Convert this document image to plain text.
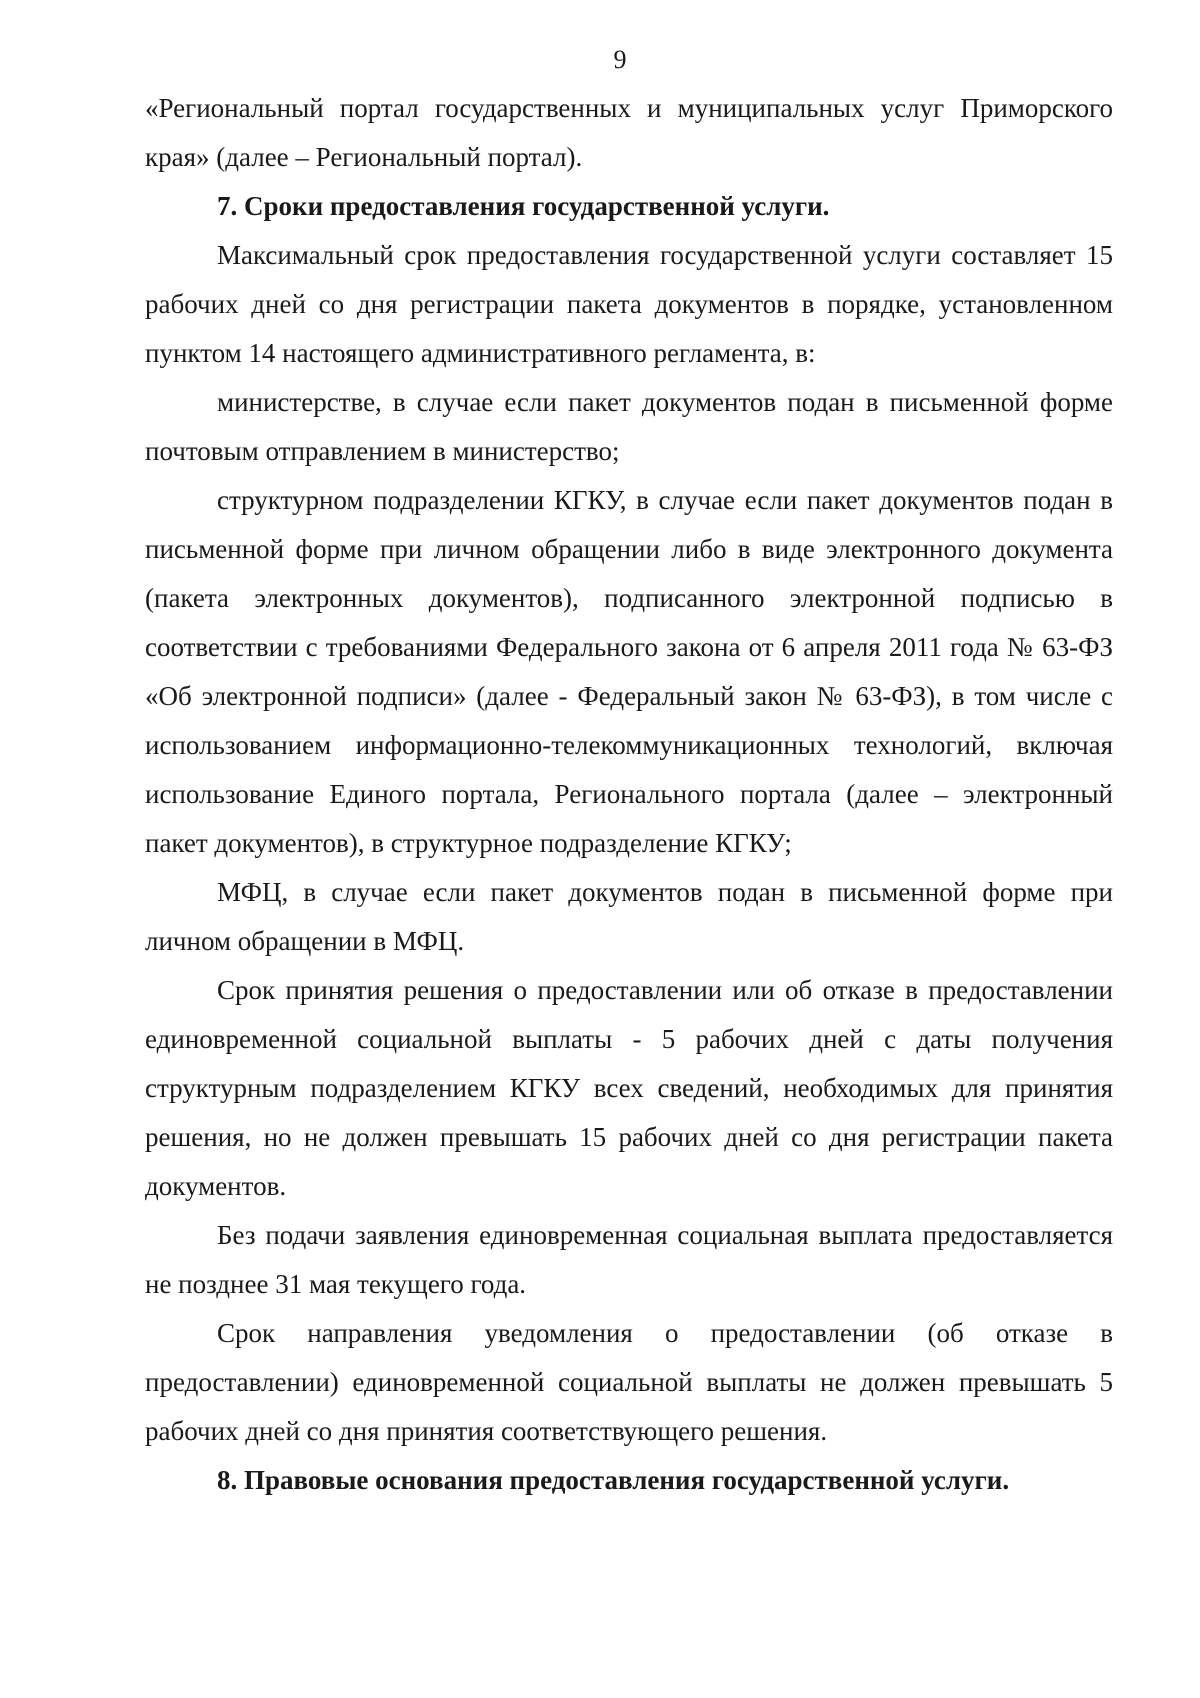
9

«Региональный портал государственных и муниципальных услуг Приморского края» (далее – Региональный портал).

7. Сроки предоставления государственной услуги.

Максимальный срок предоставления государственной услуги составляет 15 рабочих дней со дня регистрации пакета документов в порядке, установленном пунктом 14 настоящего административного регламента, в:

министерстве, в случае если пакет документов подан в письменной форме почтовым отправлением в министерство;

структурном подразделении КГКУ, в случае если пакет документов подан в письменной форме при личном обращении либо в виде электронного документа (пакета электронных документов), подписанного электронной подписью в соответствии с требованиями Федерального закона от 6 апреля 2011 года № 63-ФЗ «Об электронной подписи» (далее - Федеральный закон № 63-ФЗ), в том числе с использованием информационно-телекоммуникационных технологий, включая использование Единого портала, Регионального портала (далее – электронный пакет документов), в структурное подразделение КГКУ;

МФЦ, в случае если пакет документов подан в письменной форме при личном обращении в МФЦ.

Срок принятия решения о предоставлении или об отказе в предоставлении единовременной социальной выплаты - 5 рабочих дней с даты получения структурным подразделением КГКУ всех сведений, необходимых для принятия решения, но не должен превышать 15 рабочих дней со дня регистрации пакета документов.

Без подачи заявления единовременная социальная выплата предоставляется не позднее 31 мая текущего года.

Срок направления уведомления о предоставлении (об отказе в предоставлении) единовременной социальной выплаты не должен превышать 5 рабочих дней со дня принятия соответствующего решения.

8. Правовые основания предоставления государственной услуги.
